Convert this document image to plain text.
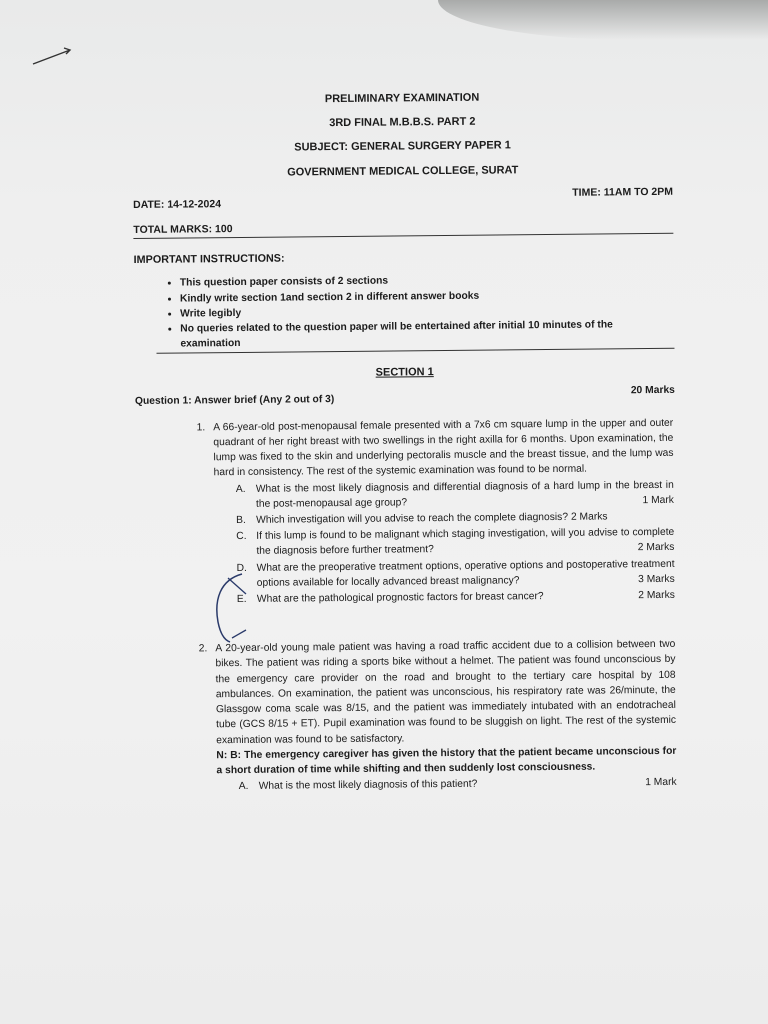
PRELIMINARY EXAMINATION
3RD FINAL M.B.B.S. PART 2
SUBJECT: GENERAL SURGERY PAPER 1
GOVERNMENT MEDICAL COLLEGE, SURAT
DATE: 14-12-2024
TIME: 11AM TO 2PM
TOTAL MARKS: 100
IMPORTANT INSTRUCTIONS:
• This question paper consists of 2 sections
• Kindly write section 1and section 2 in different answer books
• Write legibly
• No queries related to the question paper will be entertained after initial 10 minutes of the examination
SECTION 1
Question 1: Answer brief (Any 2 out of 3)
20 Marks
1. A 66-year-old post-menopausal female presented with a 7x6 cm square lump in the upper and outer quadrant of her right breast with two swellings in the right axilla for 6 months. Upon examination, the lump was fixed to the skin and underlying pectoralis muscle and the breast tissue, and the lump was hard in consistency. The rest of the systemic examination was found to be normal.
A. What is the most likely diagnosis and differential diagnosis of a hard lump in the breast in the post-menopausal age group?	1 Mark
B. Which investigation will you advise to reach the complete diagnosis? 2 Marks
C. If this lump is found to be malignant which staging investigation, will you advise to complete the diagnosis before further treatment?	2 Marks
D. What are the preoperative treatment options, operative options and postoperative treatment options available for locally advanced breast malignancy?	3 Marks
E. What are the pathological prognostic factors for breast cancer?	2 Marks
2. A 20-year-old young male patient was having a road traffic accident due to a collision between two bikes. The patient was riding a sports bike without a helmet. The patient was found unconscious by the emergency care provider on the road and brought to the tertiary care hospital by 108 ambulances. On examination, the patient was unconscious, his respiratory rate was 26/minute, the Glassgow coma scale was 8/15, and the patient was immediately intubated with an endotracheal tube (GCS 8/15 + ET). Pupil examination was found to be sluggish on light. The rest of the systemic examination was found to be satisfactory.
N: B: The emergency caregiver has given the history that the patient became unconscious for a short duration of time while shifting and then suddenly lost consciousness.
A. What is the most likely diagnosis of this patient?	1 Mark
